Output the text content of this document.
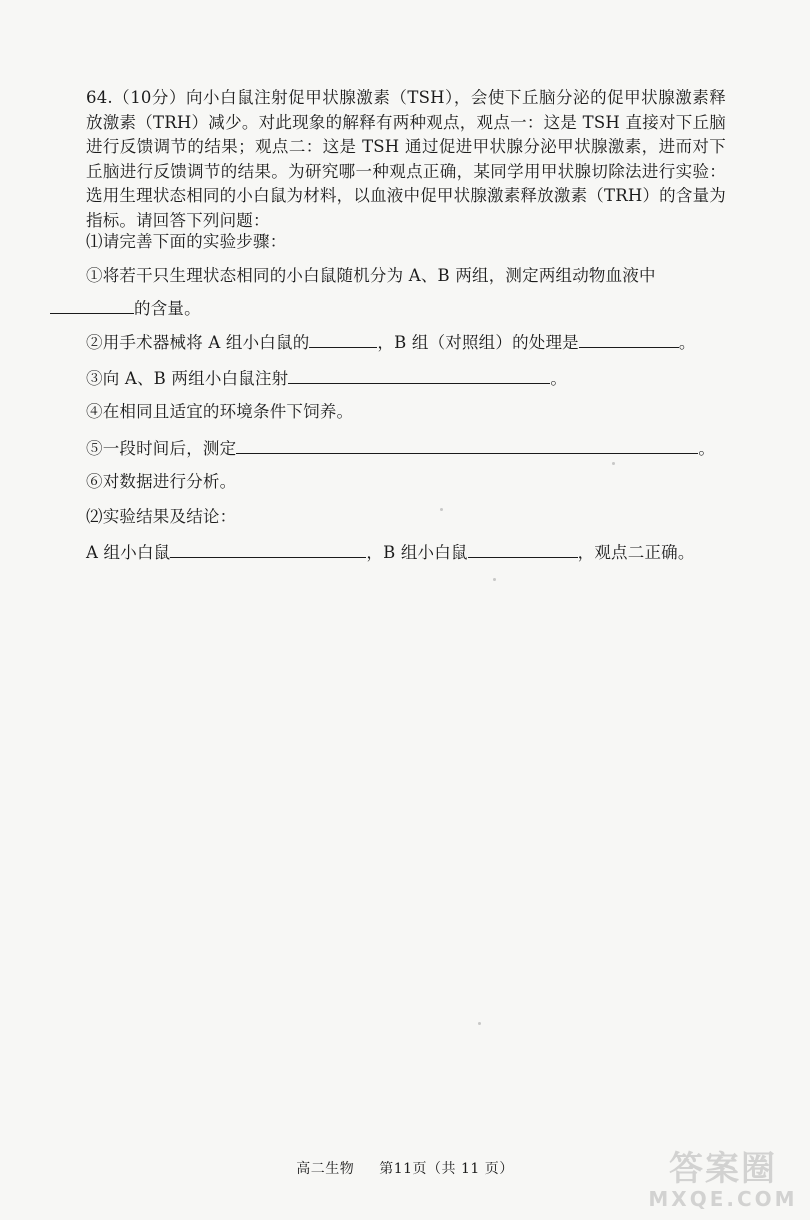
64.（10分）向小白鼠注射促甲状腺激素（TSH），会使下丘脑分泌的促甲状腺激素释放激素（TRH）减少。对此现象的解释有两种观点，观点一：这是 TSH 直接对下丘脑进行反馈调节的结果；观点二：这是 TSH 通过促进甲状腺分泌甲状腺激素，进而对下丘脑进行反馈调节的结果。为研究哪一种观点正确，某同学用甲状腺切除法进行实验：选用生理状态相同的小白鼠为材料，以血液中促甲状腺激素释放激素（TRH）的含量为指标。请回答下列问题：
⑴请完善下面的实验步骤：
①将若干只生理状态相同的小白鼠随机分为 A、B 两组，测定两组动物血液中
的含量。
②用手术器械将 A 组小白鼠的	，B 组（对照组）的处理是	。
③向 A、B 两组小白鼠注射	。
④在相同且适宜的环境条件下饲养。
⑤一段时间后，测定	。
⑥对数据进行分析。
⑵实验结果及结论：
A 组小白鼠	，B 组小白鼠	，观点二正确。
高二生物 第11页（共 11 页）	答案圈
MXQE.COM
